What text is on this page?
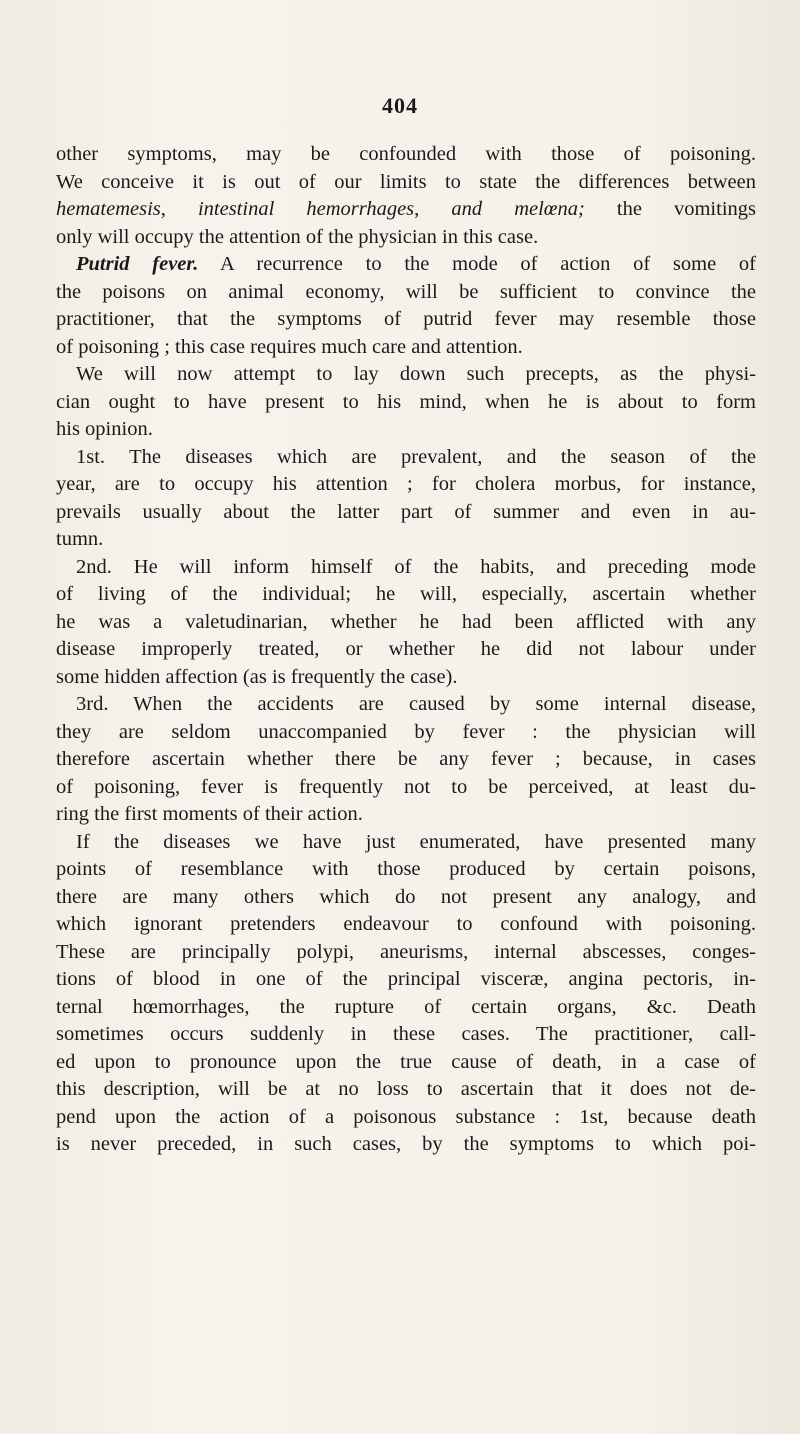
404
other symptoms, may be confounded with those of poisoning.
We conceive it is out of our limits to state the differences between
hematemesis, intestinal hemorrhages, and melœna; the vomitings
only will occupy the attention of the physician in this case.
Putrid fever. A recurrence to the mode of action of some of
the poisons on animal economy, will be sufficient to convince the
practitioner, that the symptoms of putrid fever may resemble those
of poisoning ; this case requires much care and attention.
We will now attempt to lay down such precepts, as the physi-
cian ought to have present to his mind, when he is about to form
his opinion.
1st. The diseases which are prevalent, and the season of the
year, are to occupy his attention ; for cholera morbus, for instance,
prevails usually about the latter part of summer and even in au-
tumn.
2nd. He will inform himself of the habits, and preceding mode
of living of the individual; he will, especially, ascertain whether
he was a valetudinarian, whether he had been afflicted with any
disease improperly treated, or whether he did not labour under
some hidden affection (as is frequently the case).
3rd. When the accidents are caused by some internal disease,
they are seldom unaccompanied by fever : the physician will
therefore ascertain whether there be any fever ; because, in cases
of poisoning, fever is frequently not to be perceived, at least du-
ring the first moments of their action.
If the diseases we have just enumerated, have presented many
points of resemblance with those produced by certain poisons,
there are many others which do not present any analogy, and
which ignorant pretenders endeavour to confound with poisoning.
These are principally polypi, aneurisms, internal abscesses, conges-
tions of blood in one of the principal visceræ, angina pectoris, in-
ternal hœmorrhages, the rupture of certain organs, &c. Death
sometimes occurs suddenly in these cases. The practitioner, call-
ed upon to pronounce upon the true cause of death, in a case of
this description, will be at no loss to ascertain that it does not de-
pend upon the action of a poisonous substance : 1st, because death
is never preceded, in such cases, by the symptoms to which poi-
